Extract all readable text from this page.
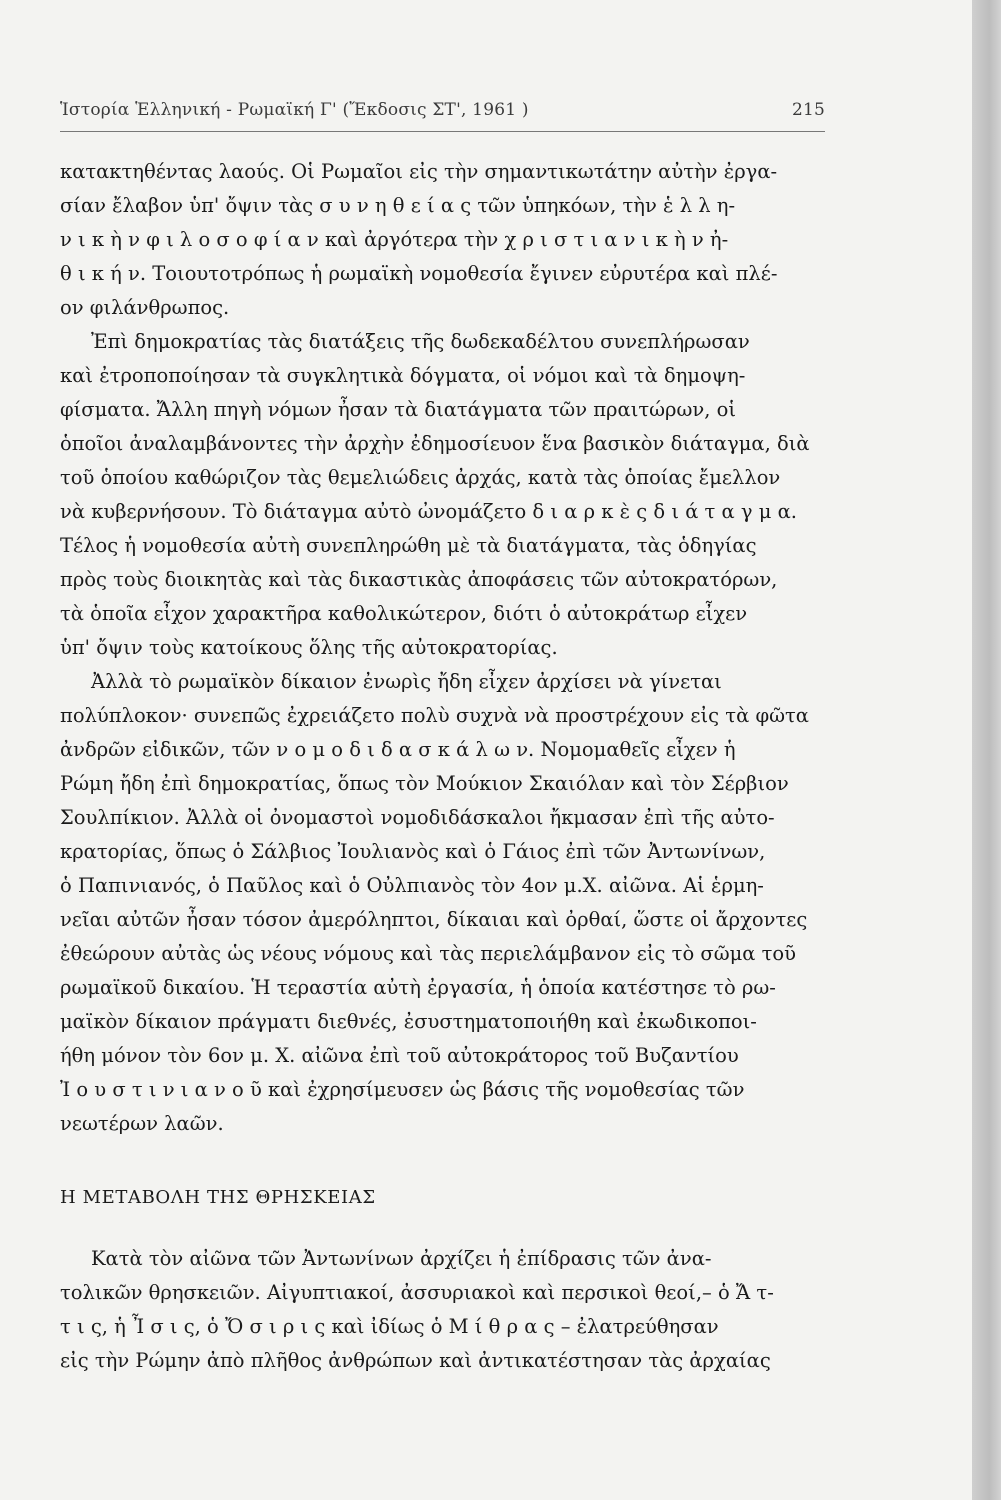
Ἱστορία Ἑλληνική - Ρωμαϊκή Γ' (Ἔκδοσις ΣΤ', 1961 )	215
κατακτηθέντας λαούς. Οἱ Ρωμαῖοι εἰς τὴν σημαντικωτάτην αὐτὴν ἐργα-
σίαν ἔλαβον ὑπ' ὄψιν τὰς σ υ ν η θ ε ί α ς τῶν ὑπηκόων, τὴν ἑ λ λ η-
ν ι κ ὴ ν φ ι λ ο σ ο φ ί α ν καὶ ἀργότερα τὴν χ ρ ι σ τ ι α ν ι κ ὴ ν ἠ-
θ ι κ ή ν. Τοιουτοτρόπως ἡ ρωμαϊκὴ νομοθεσία ἔγινεν εὐρυτέρα καὶ πλέ-
ον φιλάνθρωπος.
Ἐπὶ δημοκρατίας τὰς διατάξεις τῆς δωδεκαδέλτου συνεπλήρωσαν
καὶ ἐτροποποίησαν τὰ συγκλητικὰ δόγματα, οἱ νόμοι καὶ τὰ δημοψη-
φίσματα. Ἄλλη πηγὴ νόμων ἦσαν τὰ διατάγματα τῶν πραιτώρων, οἱ
ὁποῖοι ἀναλαμβάνοντες τὴν ἀρχὴν ἐδημοσίευον ἕνα βασικὸν διάταγμα, διὰ
τοῦ ὁποίου καθώριζον τὰς θεμελιώδεις ἀρχάς, κατὰ τὰς ὁποίας ἔμελλον
νὰ κυβερνήσουν. Τὸ διάταγμα αὐτὸ ὠνομάζετο δ ι α ρ κ ὲ ς δ ι ά τ α γ μ α.
Τέλος ἡ νομοθεσία αὐτὴ συνεπληρώθη μὲ τὰ διατάγματα, τὰς ὁδηγίας
πρὸς τοὺς διοικητὰς καὶ τὰς δικαστικὰς ἀποφάσεις τῶν αὐτοκρατόρων,
τὰ ὁποῖα εἶχον χαρακτῆρα καθολικώτερον, διότι ὁ αὐτοκράτωρ εἶχεν
ὑπ' ὄψιν τοὺς κατοίκους ὅλης τῆς αὐτοκρατορίας.
Ἀλλὰ τὸ ρωμαϊκὸν δίκαιον ἐνωρὶς ἤδη εἶχεν ἀρχίσει νὰ γίνεται
πολύπλοκον· συνεπῶς ἐχρειάζετο πολὺ συχνὰ νὰ προστρέχουν εἰς τὰ φῶτα
ἀνδρῶν εἰδικῶν, τῶν ν ο μ ο δ ι δ α σ κ ά λ ω ν. Νομομαθεῖς εἶχεν ἡ
Ρώμη ἤδη ἐπὶ δημοκρατίας, ὅπως τὸν Μούκιον Σκαιόλαν καὶ τὸν Σέρβιον
Σουλπίκιον. Ἀλλὰ οἱ ὀνομαστοὶ νομοδιδάσκαλοι ἤκμασαν ἐπὶ τῆς αὐτο-
κρατορίας, ὅπως ὁ Σάλβιος Ἰουλιανὸς καὶ ὁ Γάιος ἐπὶ τῶν Ἀντωνίνων,
ὁ Παπινιανός, ὁ Παῦλος καὶ ὁ Οὐλπιανὸς τὸν 4ον μ.Χ. αἰῶνα. Αἱ ἑρμη-
νεῖαι αὐτῶν ἦσαν τόσον ἀμερόληπτοι, δίκαιαι καὶ ὀρθαί, ὥστε οἱ ἄρχοντες
ἐθεώρουν αὐτὰς ὡς νέους νόμους καὶ τὰς περιελάμβανον εἰς τὸ σῶμα τοῦ
ρωμαϊκοῦ δικαίου. Ἡ τεραστία αὐτὴ ἐργασία, ἡ ὁποία κατέστησε τὸ ρω-
μαϊκὸν δίκαιον πράγματι διεθνές, ἐσυστηματοποιήθη καὶ ἐκωδικοποι-
ήθη μόνον τὸν 6ον μ. Χ. αἰῶνα ἐπὶ τοῦ αὐτοκράτορος τοῦ Βυζαντίου
Ἰ ο υ σ τ ι ν ι α ν ο ῦ καὶ ἐχρησίμευσεν ὡς βάσις τῆς νομοθεσίας τῶν
νεωτέρων λαῶν.
Η ΜΕΤΑΒΟΛΗ ΤΗΣ ΘΡΗΣΚΕΙΑΣ
Κατὰ τὸν αἰῶνα τῶν Ἀντωνίνων ἀρχίζει ἡ ἐπίδρασις τῶν ἀνα-
τολικῶν θρησκειῶν. Αἰγυπτιακοί, ἀσσυριακοὶ καὶ περσικοὶ θεοί,– ὁ Ἄ τ-
τ ι ς, ἡ Ἶ σ ι ς, ὁ Ὄ σ ι ρ ι ς καὶ ἰδίως ὁ Μ ί θ ρ α ς – ἐλατρεύθησαν
εἰς τὴν Ρώμην ἀπὸ πλῆθος ἀνθρώπων καὶ ἀντικατέστησαν τὰς ἀρχαίας
